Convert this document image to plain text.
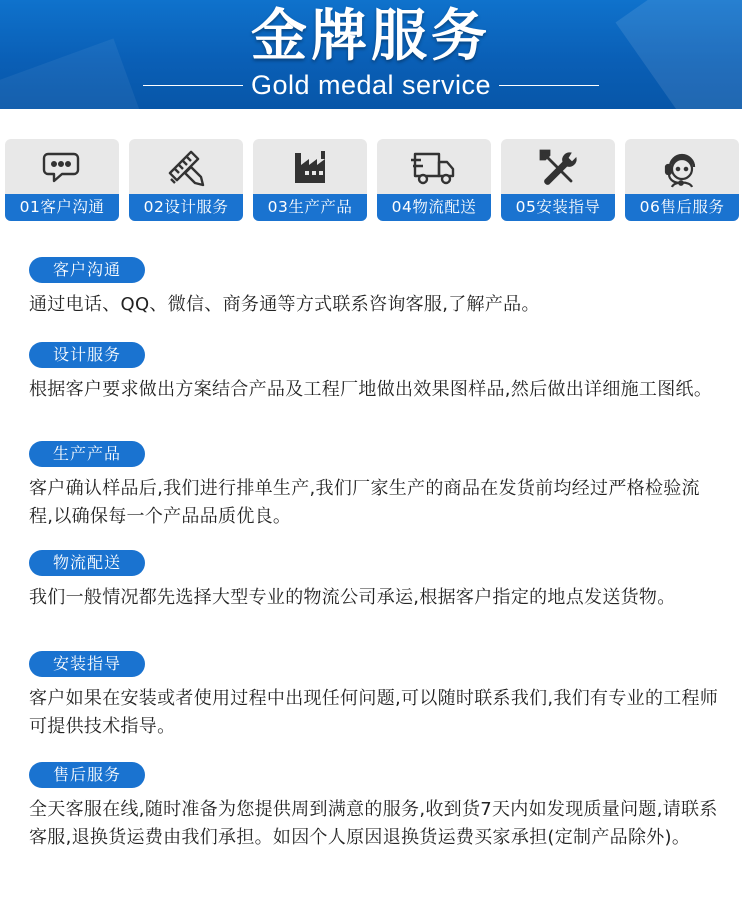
金牌服务
Gold medal service
01客户沟通	02设计服务	03生产产品	04物流配送	05安装指导	06售后服务
客户沟通

通过电话、QQ、微信、商务通等方式联系咨询客服,了解产品。

设计服务

根据客户要求做出方案结合产品及工程厂地做出效果图样品,然后做出详细施工图纸。

生产产品

客户确认样品后,我们进行排单生产,我们厂家生产的商品在发货前均经过严格检验流程,以确保每一个产品品质优良。

物流配送

我们一般情况都先选择大型专业的物流公司承运,根据客户指定的地点发送货物。

安装指导

客户如果在安装或者使用过程中出现任何问题,可以随时联系我们,我们有专业的工程师可提供技术指导。

售后服务

全天客服在线,随时准备为您提供周到满意的服务,收到货7天内如发现质量问题,请联系客服,退换货运费由我们承担。如因个人原因退换货运费买家承担(定制产品除外)。
